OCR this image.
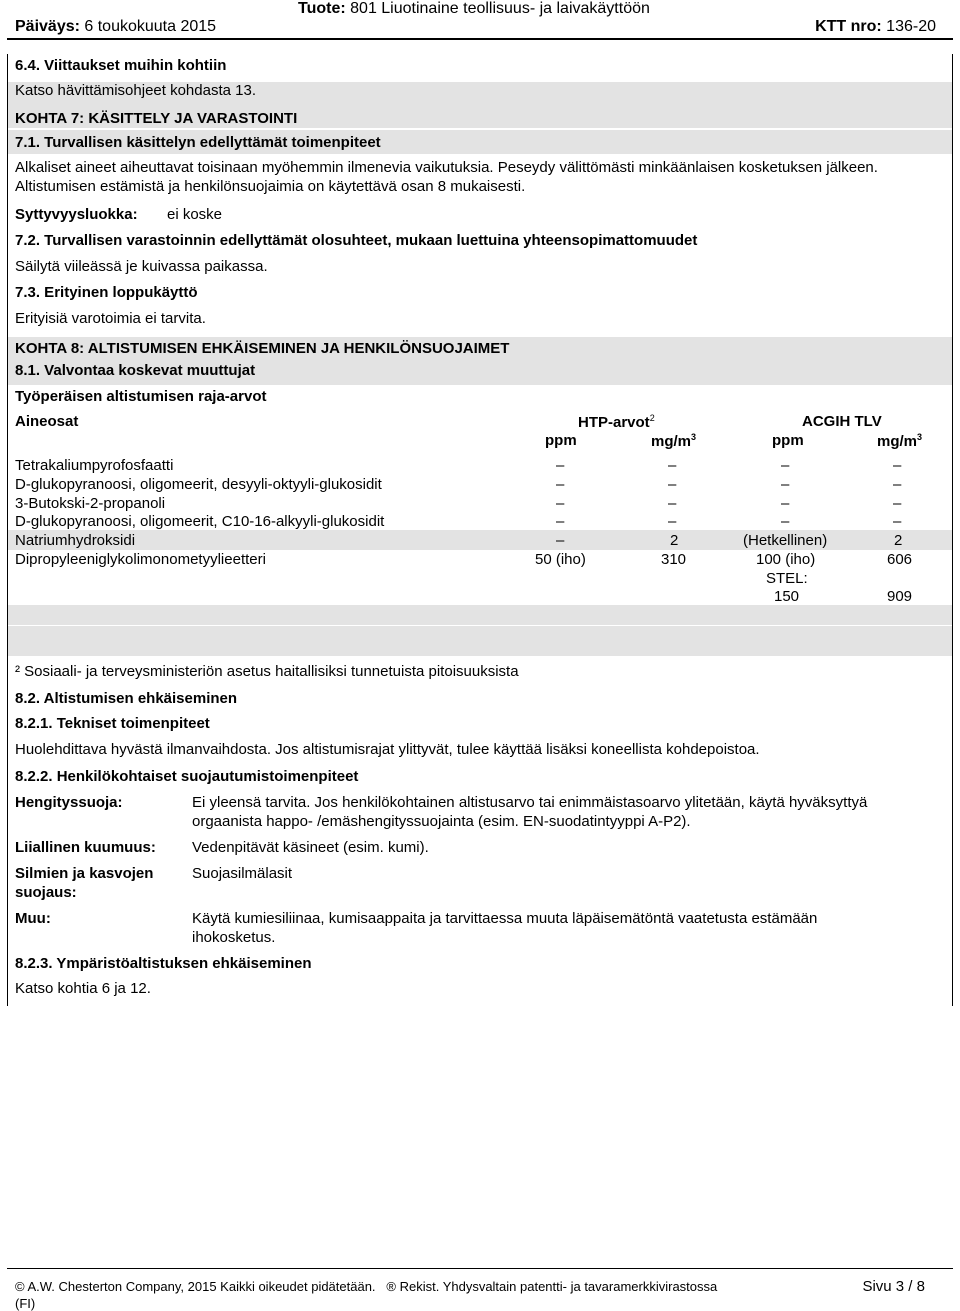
Tuote: 801 Liuotinaine teollisuus- ja laivakäyttöön
Päiväys: 6 toukokuuta 2015	KTT nro: 136-20
6.4. Viittaukset muihin kohtiin
Katso hävittämisohjeet kohdasta 13.
KOHTA 7: KÄSITTELY JA VARASTOINTI
7.1. Turvallisen käsittelyn edellyttämät toimenpiteet
Alkaliset aineet aiheuttavat toisinaan myöhemmin ilmenevia vaikutuksia. Peseydy välittömästi minkäänlaisen kosketuksen jälkeen.
Altistumisen estämistä ja henkilönsuojaimia on käytettävä osan 8 mukaisesti.
Syttyvyysluokka: ei koske
7.2. Turvallisen varastoinnin edellyttämät olosuhteet, mukaan luettuina yhteensopimattomuudet
Säilytä viileässä je kuivassa paikassa.
7.3. Erityinen loppukäyttö
Erityisiä varotoimia ei tarvita.
KOHTA 8: ALTISTUMISEN EHKÄISEMINEN JA HENKILÖNSUOJAIMET
8.1. Valvontaa koskevat muuttujat
Työperäisen altistumisen raja-arvot
Aineosat	HTP-arvot$^2$	ACGIH TLV
ppm	$mg/m^3$	ppm	$mg/m^3$
Tetrakaliumpyrofosfaatti	–	–	–	–
D-glukopyranoosi, oligomeerit, desyyli-oktyyli-glukosidit	–	–	–	–
3-Butokski-2-propanoli	–	–	–	–
D-glukopyranoosi, oligomeerit, C10-16-alkyyli-glukosidit	–	–	–	–
Natriumhydroksidi	–	2	(Hetkellinen)	2
Dipropyleeniglykolimonometyylieetteri	50 (iho)	310	100 (iho)	606
STEL:
150	909
² Sosiaali- ja terveysministeriön asetus haitallisiksi tunnetuista pitoisuuksista
8.2. Altistumisen ehkäiseminen
8.2.1. Tekniset toimenpiteet
Huolehdittava hyvästä ilmanvaihdosta. Jos altistumisrajat ylittyvät, tulee käyttää lisäksi koneellista kohdepoistoa.
8.2.2. Henkilökohtaiset suojautumistoimenpiteet
Hengityssuoja:	Ei yleensä tarvita. Jos henkilökohtainen altistusarvo tai enimmäistasoarvo ylitetään, käytä hyväksyttyä
orgaanista happo- /emäshengityssuojainta (esim. EN-suodatintyyppi A-P2).
Liiallinen kuumuus: Vedenpitävät käsineet (esim. kumi).
Silmien ja kasvojen
suojaus:
Suojasilmälasit
Muu:	Käytä kumiesiliinaa, kumisaappaita ja tarvittaessa muuta läpäisemätöntä vaatetusta estämään
ihokosketus.
8.2.3. Ympäristöaltistuksen ehkäiseminen
Katso kohtia 6 ja 12.
© A.W. Chesterton Company, 2015 Kaikki oikeudet pidätetään. ® Rekist. Yhdysvaltain patentti- ja tavaramerkkivirastossa
(FI)
Sivu 3 / 8
